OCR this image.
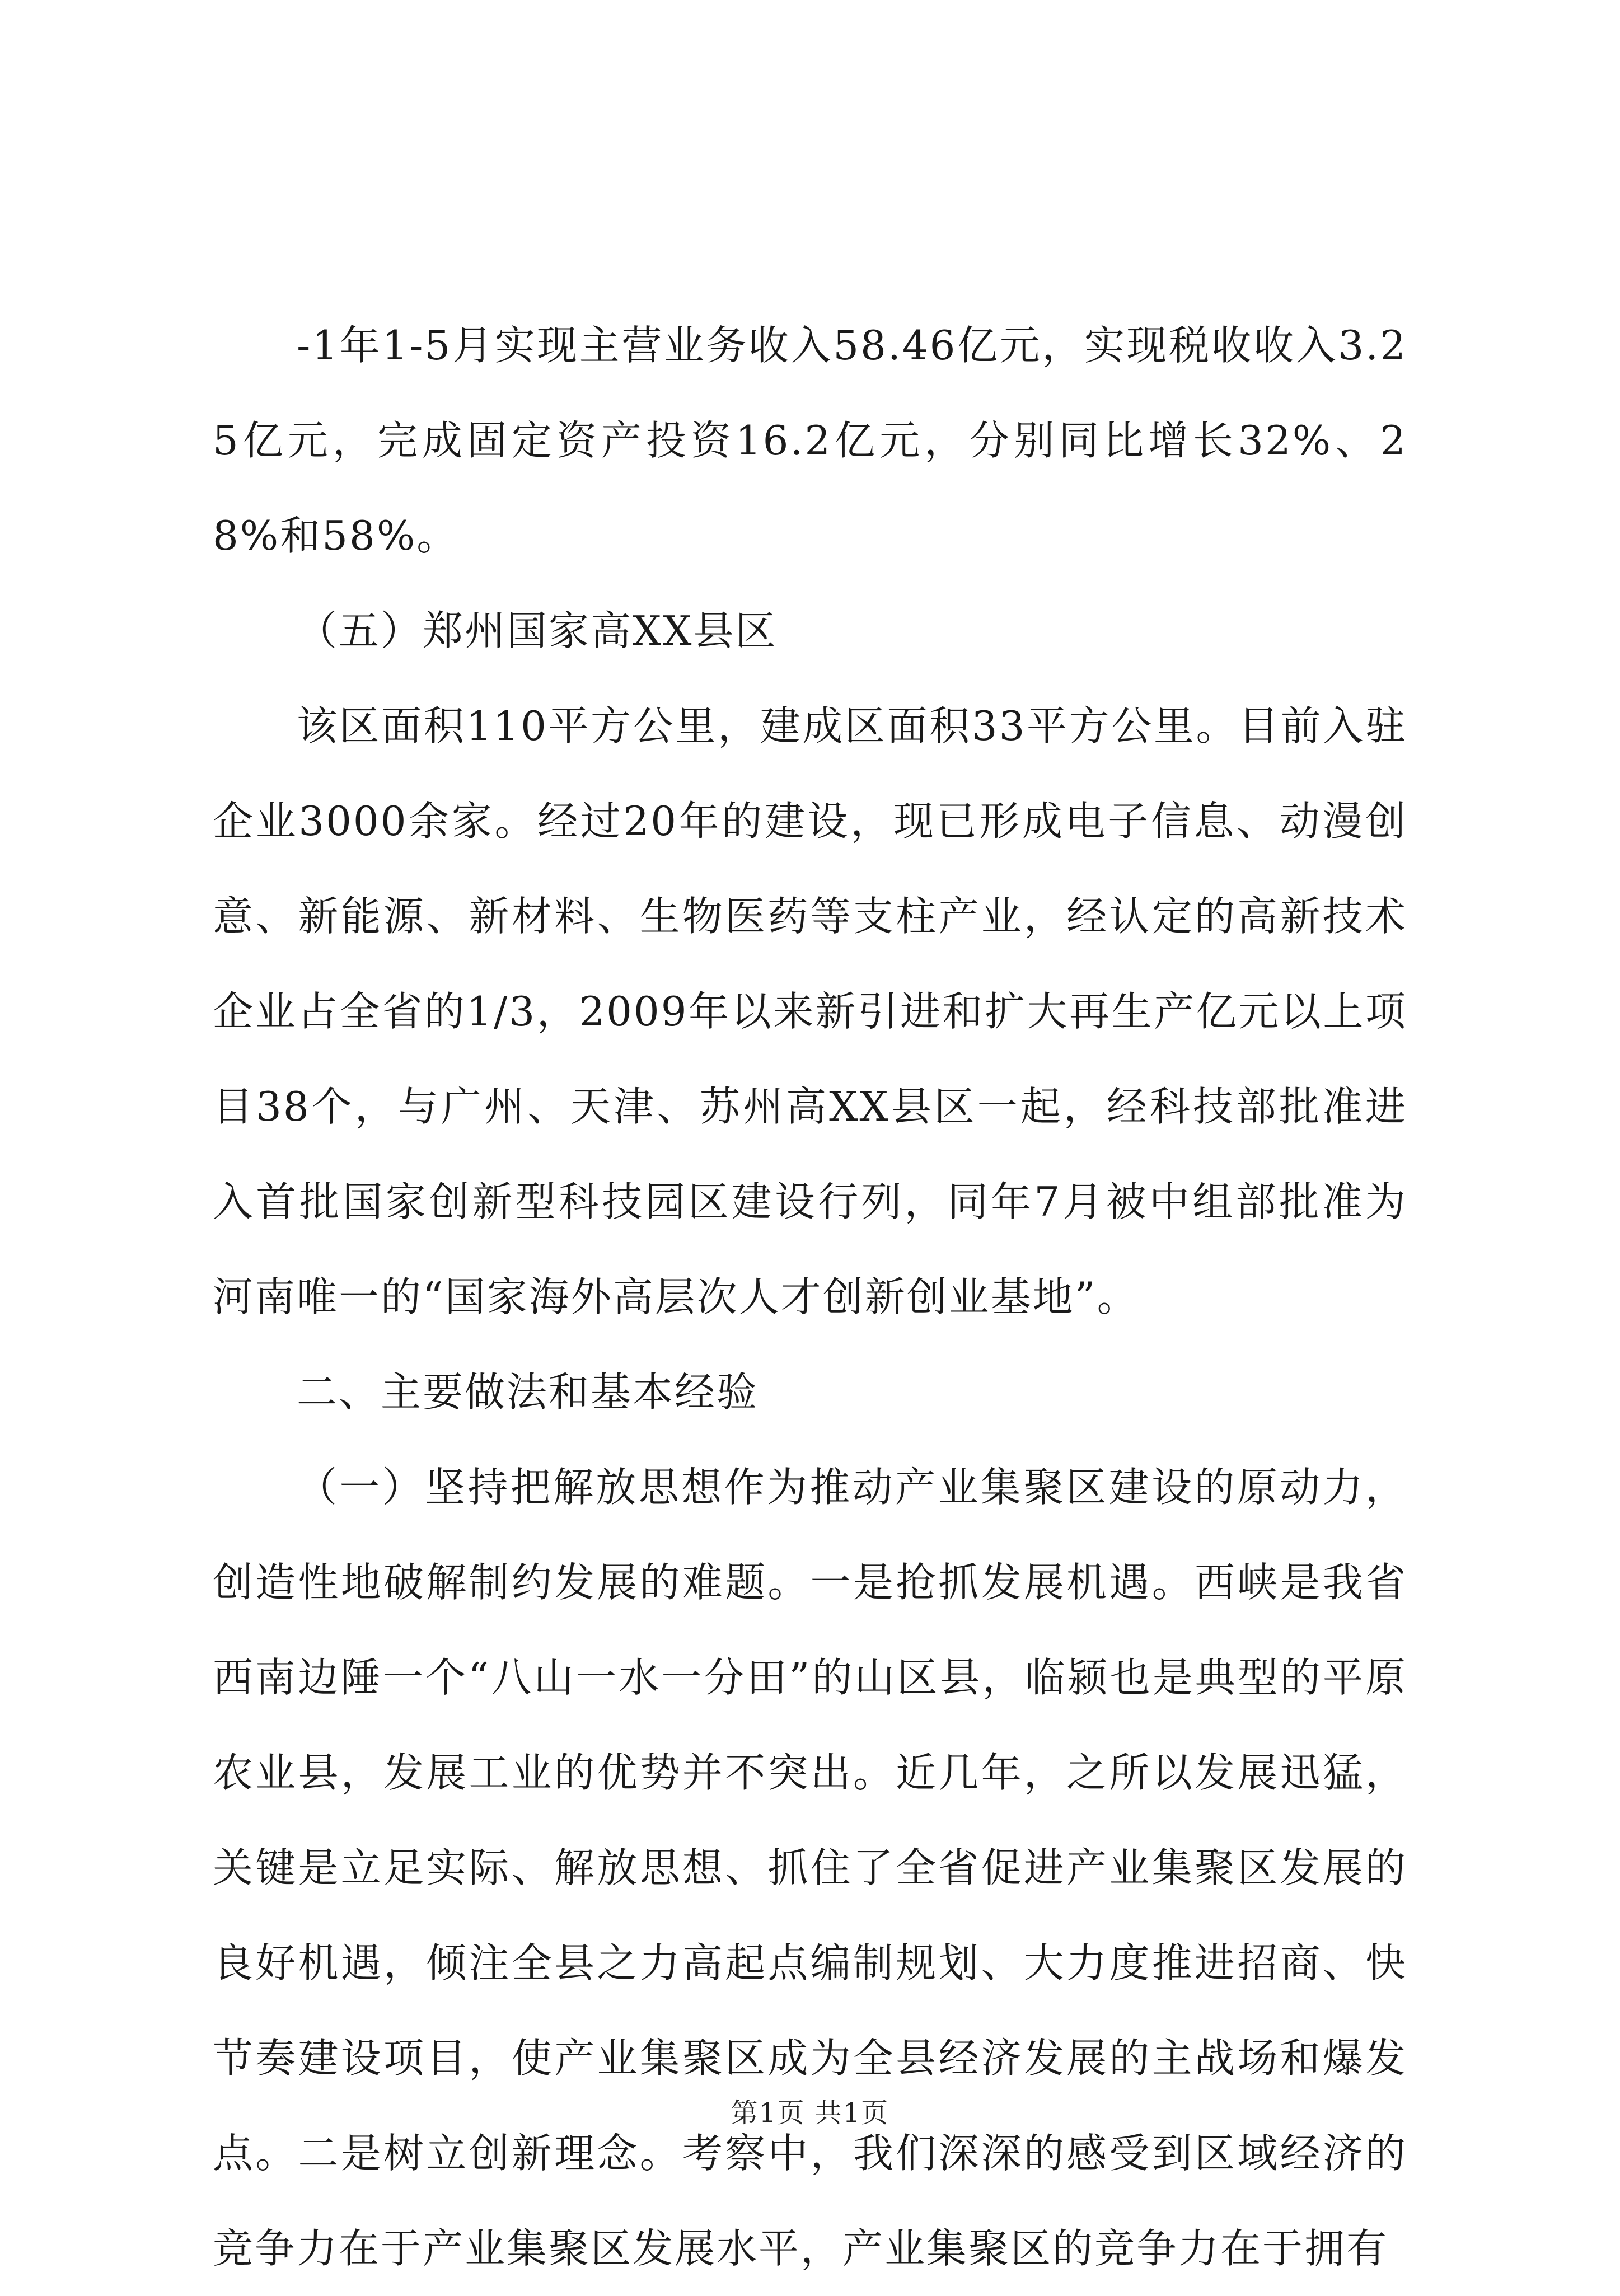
-1年1-5月实现主营业务收入58.46亿元，实现税收收入3.25亿元，完成固定资产投资16.2亿元，分别同比增长32%、28%和58%。

（五）郑州国家高XX县区

该区面积110平方公里，建成区面积33平方公里。目前入驻企业3000余家。经过20年的建设，现已形成电子信息、动漫创意、新能源、新材料、生物医药等支柱产业，经认定的高新技术企业占全省的1/3，2009年以来新引进和扩大再生产亿元以上项目38个，与广州、天津、苏州高XX县区一起，经科技部批准进入首批国家创新型科技园区建设行列，同年7月被中组部批准为河南唯一的“国家海外高层次人才创新创业基地”。

二、主要做法和基本经验

（一）坚持把解放思想作为推动产业集聚区建设的原动力，创造性地破解制约发展的难题。一是抢抓发展机遇。西峡是我省西南边陲一个“八山一水一分田”的山区县，临颍也是典型的平原农业县，发展工业的优势并不突出。近几年，之所以发展迅猛，关键是立足实际、解放思想、抓住了全省促进产业集聚区发展的良好机遇，倾注全县之力高起点编制规划、大力度推进招商、快节奏建设项目，使产业集聚区成为全县经济发展的主战场和爆发点。二是树立创新理念。考察中，我们深深的感受到区域经济的竞争力在于产业集聚区发展水平，产业集聚区的竞争力在于拥有

第1页 共1页
